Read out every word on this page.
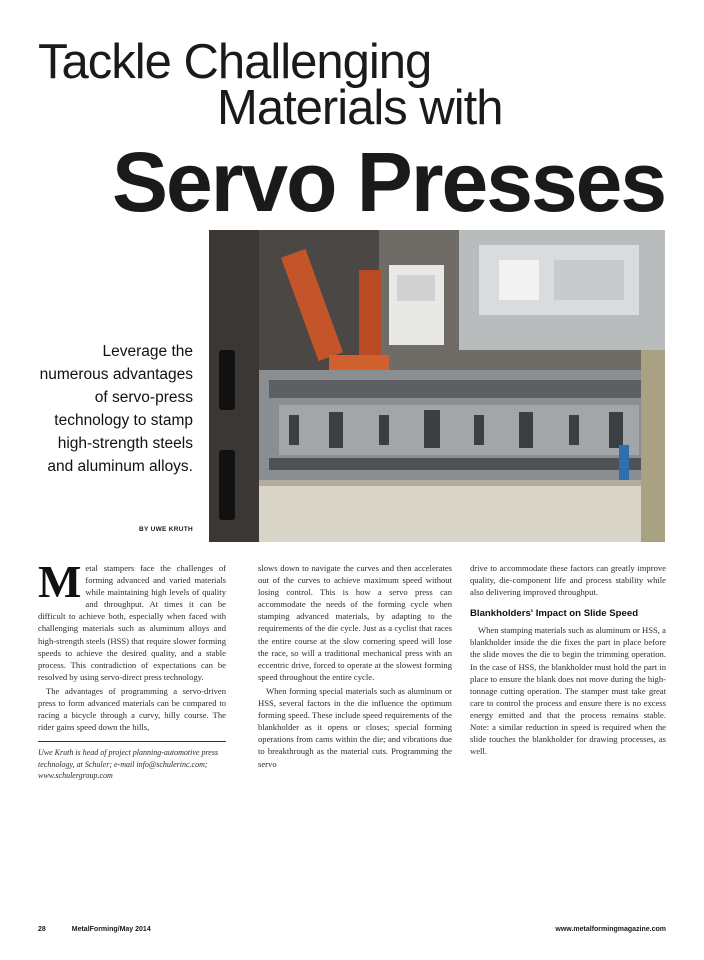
Tackle Challenging
Materials with
Servo Presses
Leverage the numerous advantages of servo-press technology to stamp high-strength steels and aluminum alloys.
BY UWE KRUTH
M etal stampers face the challenges of forming advanced and varied materials while maintaining high levels of quality and throughput. At times it can be difficult to achieve both, especially when faced with challenging materials such as aluminum alloys and high-strength steels (HSS) that require slower forming speeds to achieve the desired quality, and a stable process. This contradiction of expectations can be resolved by using servo-direct press technology.

The advantages of programming a servo-driven press to form advanced materials can be compared to racing a bicycle through a curvy, hilly course. The rider gains speed down the hills,

Uwe Kruth is head of project planning-automotive press technology, at Schuler; e-mail info@schulerinc.com; www.schulergroup.com

slows down to navigate the curves and then accelerates out of the curves to achieve maximum speed without losing control. This is how a servo press can accommodate the needs of the forming cycle when stamping advanced materials, by adapting to the requirements of the die cycle. Just as a cyclist that races the entire course at the slow cornering speed will lose the race, so will a traditional mechanical press with an eccentric drive, forced to operate at the slowest forming speed throughout the entire cycle.

When forming special materials such as aluminum or HSS, several factors in the die influence the optimum forming speed. These include speed requirements of the blankholder as it opens or closes; special forming operations from cams within the die; and vibrations due to breakthrough as the material cuts. Programming the servo

drive to accommodate these factors can greatly improve quality, die-component life and process stability while also delivering improved throughput.

Blankholders' Impact on Slide Speed

When stamping materials such as aluminum or HSS, a blankholder inside the die fixes the part in place before the slide moves the die to begin the trimming operation. In the case of HSS, the blankholder must hold the part in place to ensure the blank does not move during the high-tonnage cutting operation. The stamper must take great care to control the process and ensure there is no excess energy emitted and that the process remains stable. Note: a similar reduction in speed is required when the slide touches the blankholder for drawing processes, as well.

28	MetalForming/May 2014	www.metalformingmagazine.com
